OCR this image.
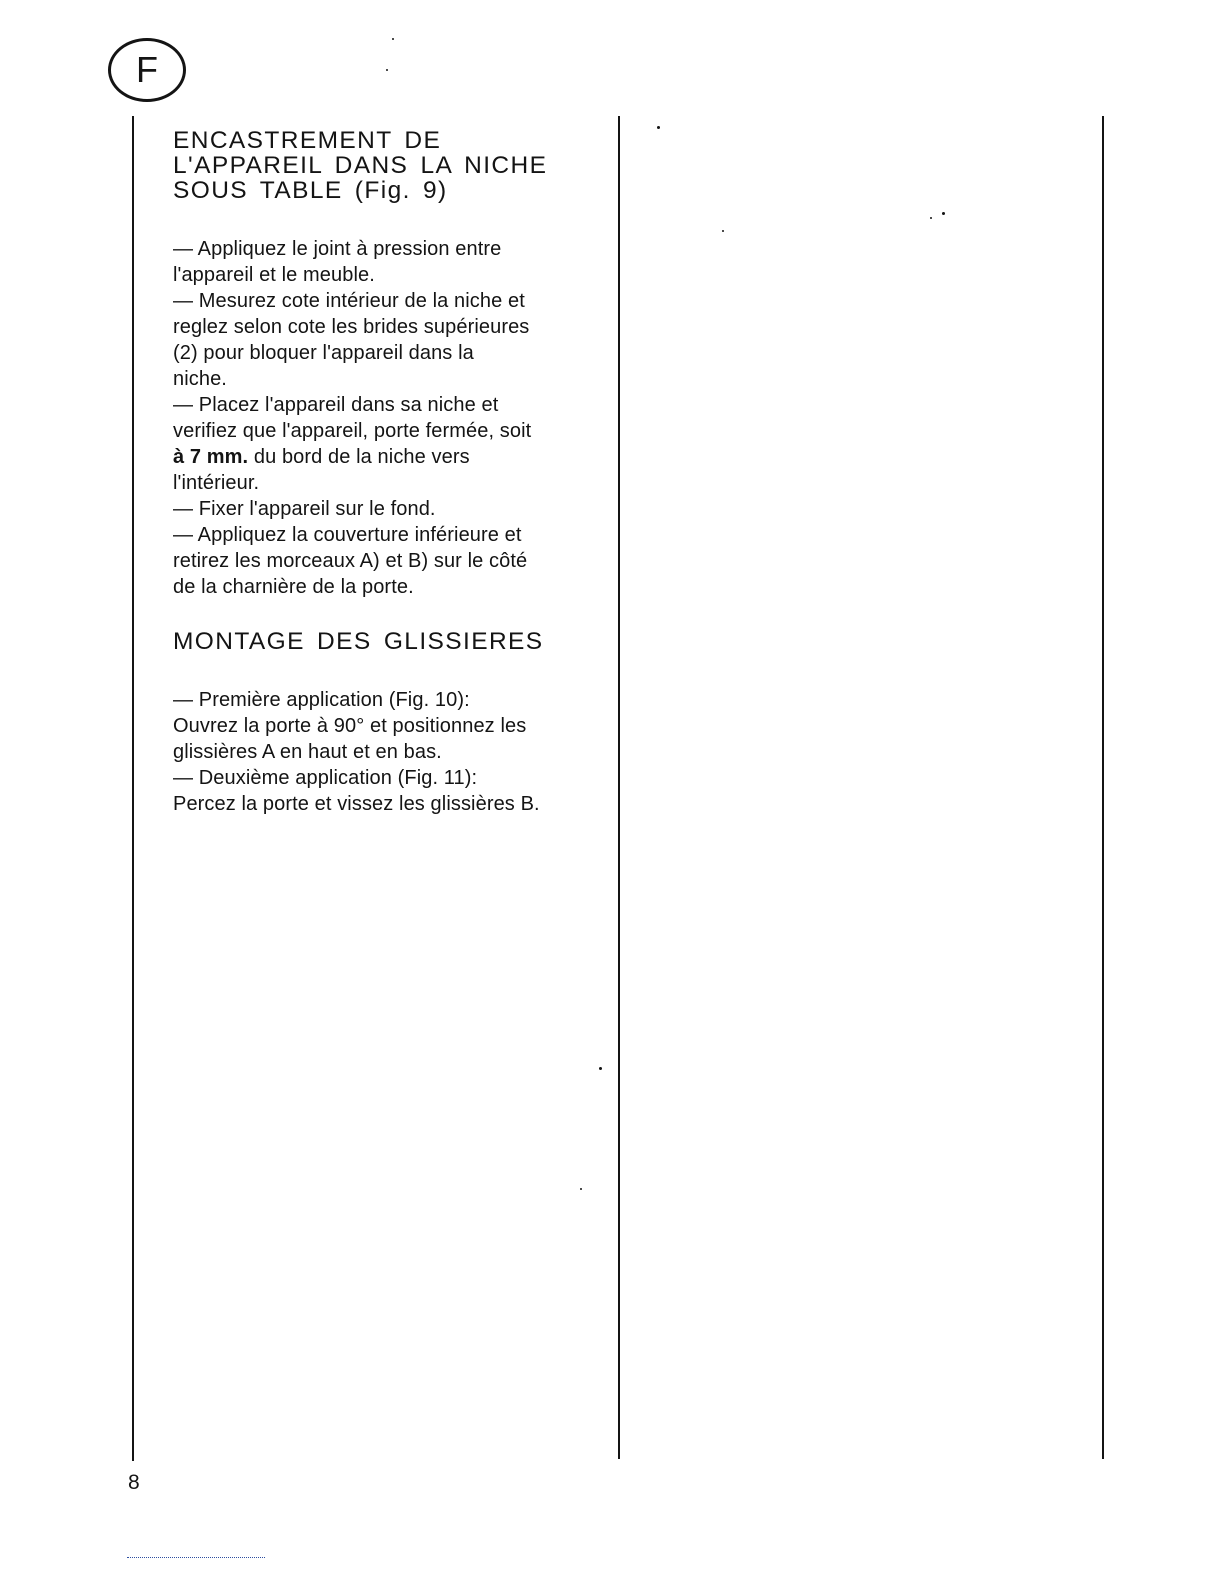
F
ENCASTREMENT DE
L'APPAREIL DANS LA NICHE
SOUS TABLE (Fig. 9)

— Appliquez le joint à pression entre
l'appareil et le meuble.

— Mesurez cote intérieur de la niche et
reglez selon cote les brides supérieures
(2) pour bloquer l'appareil dans la
niche.

— Placez l'appareil dans sa niche et
verifiez que l'appareil, porte fermée, soit
à 7 mm. du bord de la niche vers
l'intérieur.

— Fixer l'appareil sur le fond.

— Appliquez la couverture inférieure et
retirez les morceaux A) et B) sur le côté
de la charnière de la porte.

MONTAGE DES GLISSIERES

— Première application (Fig. 10):
Ouvrez la porte à 90° et positionnez les
glissières A en haut et en bas.

— Deuxième application (Fig. 11):
Percez la porte et vissez les glissières B.

8
